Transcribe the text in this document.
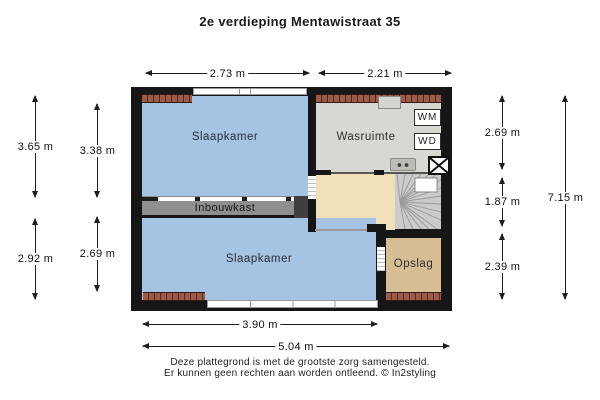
2e verdieping Mentawistraat 35
Inbouwkast
WM
WD
Slaapkamer	Wasruimte
Slaapkamer	Opslag
2.73 m	2.21 m
3.90 m
5.04 m
3.65 m 3.38 m
2.92 m 2.69 m
2.69 m
1.87 m
2.39 m
7.15 m
Deze plattegrond is met de grootste zorg samengesteld.
Er kunnen geen rechten aan worden ontleend. © In2styling
